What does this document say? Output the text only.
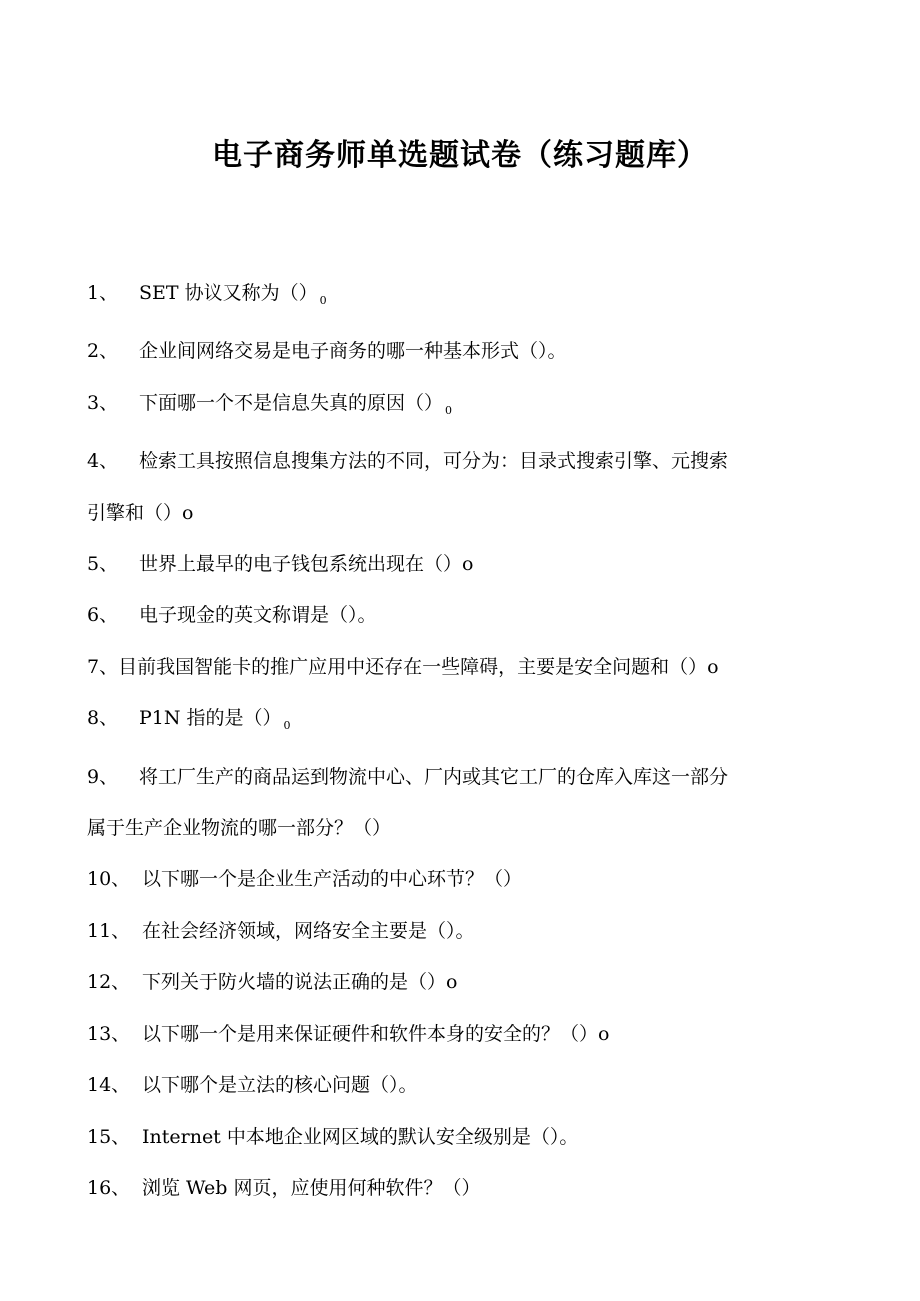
电子商务师单选题试卷（练习题库）
1、 SET 协议又称为（） $_0$
2、 企业间网络交易是电子商务的哪一种基本形式（）。
3、 下面哪一个不是信息失真的原因（） $_0$
4、 检索工具按照信息搜集方法的不同，可分为：目录式搜索引擎、元搜索
引擎和（）o
5、 世界上最早的电子钱包系统出现在（）o
6、 电子现金的英文称谓是（）。
7、目前我国智能卡的推广应用中还存在一些障碍，主要是安全问题和（）o
8、 P1N 指的是（） $_0$
9、 将工厂生产的商品运到物流中心、厂内或其它工厂的仓库入库这一部分
属于生产企业物流的哪一部分？（）
10、 以下哪一个是企业生产活动的中心环节？（）
11、 在社会经济领域，网络安全主要是（）。
12、 下列关于防火墙的说法正确的是（）o
13、 以下哪一个是用来保证硬件和软件本身的安全的？（）o
14、 以下哪个是立法的核心问题（）。
15、 Internet 中本地企业网区域的默认安全级别是（）。
16、 浏览 Web 网页，应使用何种软件？（）
